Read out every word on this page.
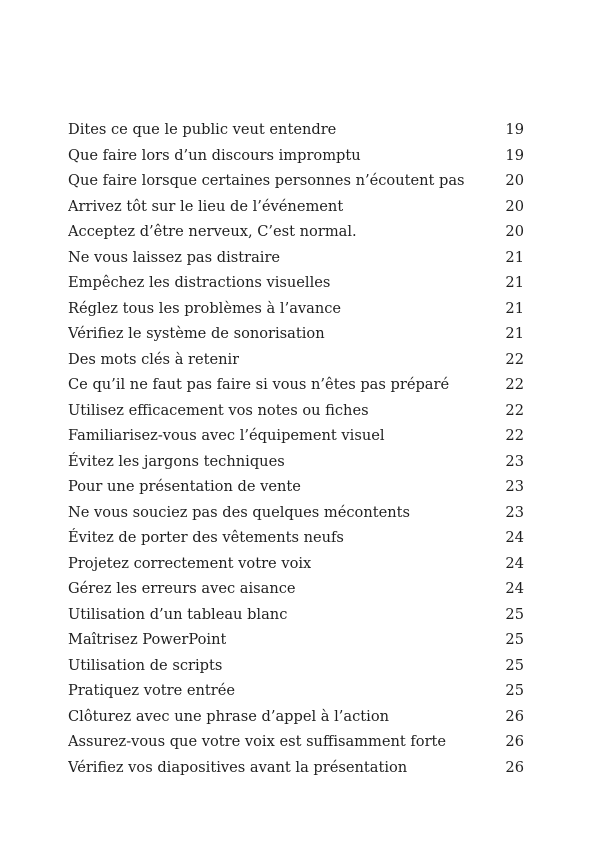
Dites ce que le public veut entendre	19
Que faire lors d’un discours impromptu	19
Que faire lorsque certaines personnes n’écoutent pas	20
Arrivez tôt sur le lieu de l’événement	20
Acceptez d’être nerveux, C’est normal.	20
Ne vous laissez pas distraire	21
Empêchez les distractions visuelles	21
Réglez tous les problèmes à l’avance	21
Vérifiez le système de sonorisation	21
Des mots clés à retenir	22
Ce qu’il ne faut pas faire si vous n’êtes pas préparé	22
Utilisez efficacement vos notes ou fiches	22
Familiarisez-vous avec l’équipement visuel	22
Évitez les jargons techniques	23
Pour une présentation de vente	23
Ne vous souciez pas des quelques mécontents	23
Évitez de porter des vêtements neufs	24
Projetez correctement votre voix	24
Gérez les erreurs avec aisance	24
Utilisation d’un tableau blanc	25
Maîtrisez PowerPoint	25
Utilisation de scripts	25
Pratiquez votre entrée	25
Clôturez avec une phrase d’appel à l’action	26
Assurez-vous que votre voix est suffisamment forte	26
Vérifiez vos diapositives avant la présentation	26
